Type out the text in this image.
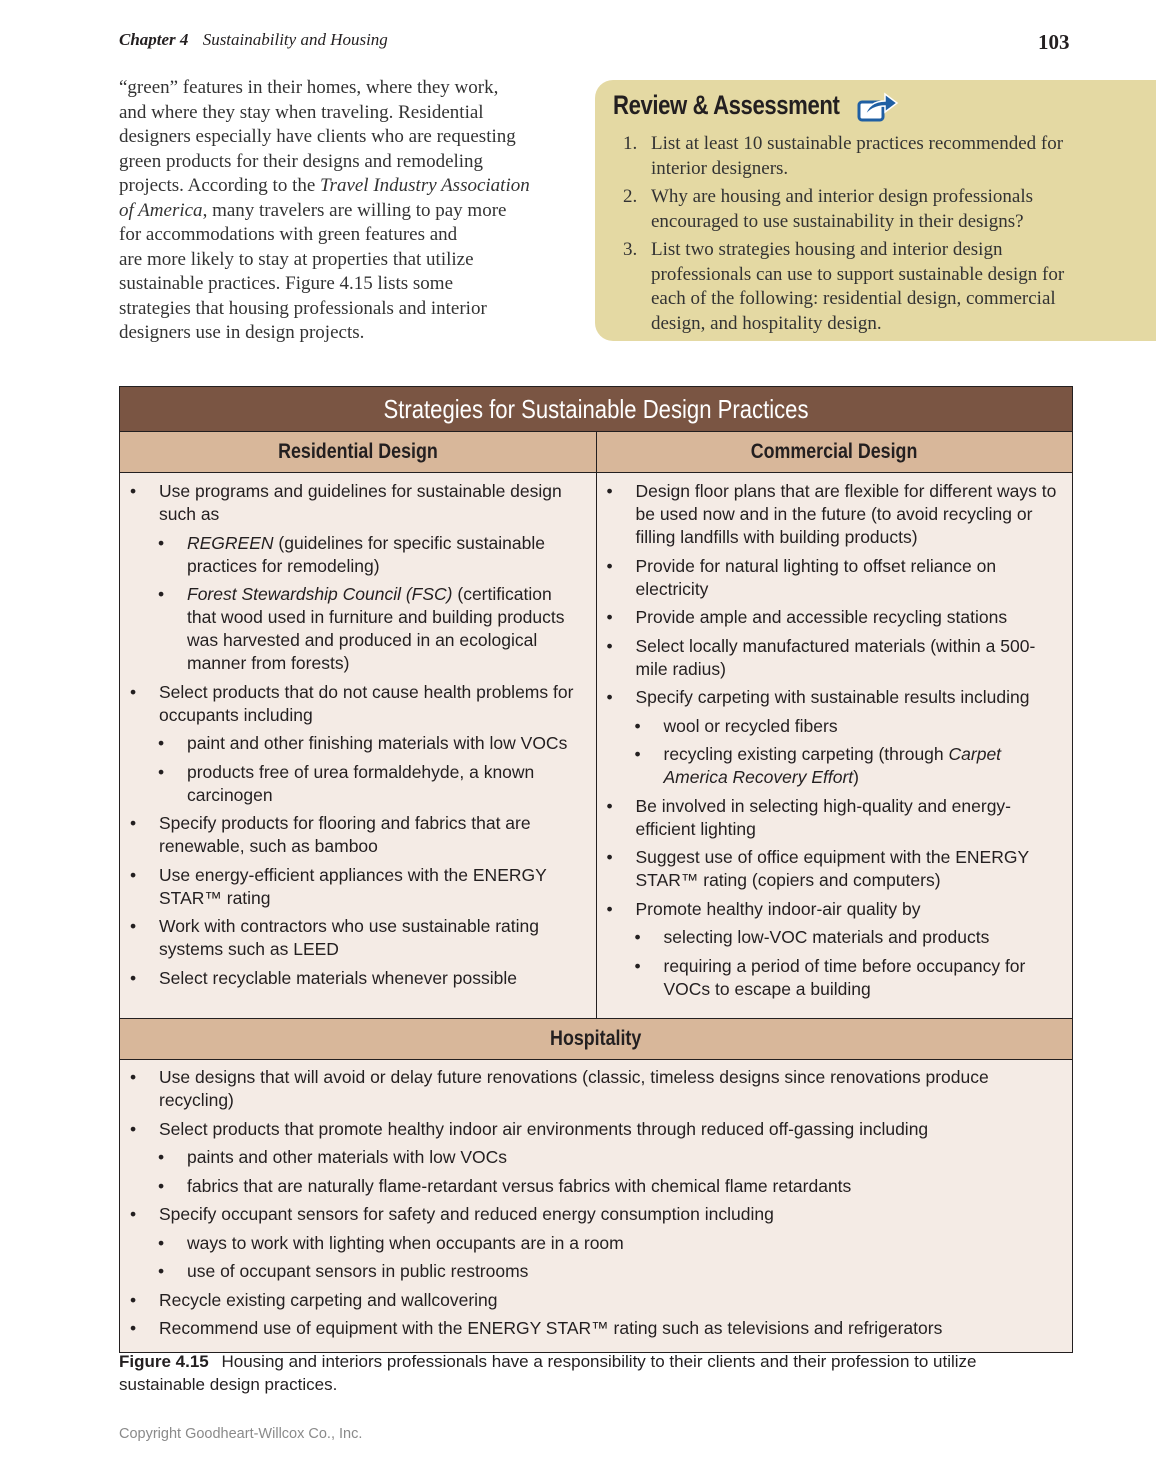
Chapter 4 Sustainability and Housing	103
“green” features in their homes, where they work,
and where they stay when traveling. Residential
designers especially have clients who are requesting
green products for their designs and remodeling
projects. According to the Travel Industry Association
of America, many travelers are willing to pay more
for accommodations with green features and
are more likely to stay at properties that utilize
sustainable practices. Figure 4.15 lists some
strategies that housing professionals and interior
designers use in design projects.
Review & Assessment
1. List at least 10 sustainable practices recommended for interior designers.
2. Why are housing and interior design professionals encouraged to use sustainability in their designs?
3. List two strategies housing and interior design professionals can use to support sustainable design for each of the following: residential design, commercial design, and hospitality design.
Strategies for Sustainable Design Practices
Residential Design	Commercial Design
• Use programs and guidelines for sustainable design such as
• REGREEN (guidelines for specific sustainable practices for remodeling)
• Forest Stewardship Council (FSC) (certification that wood used in furniture and building products was harvested and produced in an ecological manner from forests)
• Select products that do not cause health problems for occupants including
• paint and other finishing materials with low VOCs
• products free of urea formaldehyde, a known carcinogen
• Specify products for flooring and fabrics that are renewable, such as bamboo
• Use energy-efficient appliances with the ENERGY STAR™ rating
• Work with contractors who use sustainable rating systems such as LEED
• Select recyclable materials whenever possible
• Design floor plans that are flexible for different ways to be used now and in the future (to avoid recycling or filling landfills with building products)
• Provide for natural lighting to offset reliance on electricity
• Provide ample and accessible recycling stations
• Select locally manufactured materials (within a 500-mile radius)
• Specify carpeting with sustainable results including
• wool or recycled fibers
• recycling existing carpeting (through Carpet America Recovery Effort)
• Be involved in selecting high-quality and energy-efficient lighting
• Suggest use of office equipment with the ENERGY STAR™ rating (copiers and computers)
• Promote healthy indoor-air quality by
• selecting low-VOC materials and products
• requiring a period of time before occupancy for VOCs to escape a building
Hospitality
• Use designs that will avoid or delay future renovations (classic, timeless designs since renovations produce recycling)
• Select products that promote healthy indoor air environments through reduced off-gassing including
• paints and other materials with low VOCs
• fabrics that are naturally flame-retardant versus fabrics with chemical flame retardants
• Specify occupant sensors for safety and reduced energy consumption including
• ways to work with lighting when occupants are in a room
• use of occupant sensors in public restrooms
• Recycle existing carpeting and wallcovering
• Recommend use of equipment with the ENERGY STAR™ rating such as televisions and refrigerators
Figure 4.15 Housing and interiors professionals have a responsibility to their clients and their profession to utilize sustainable design practices.
Copyright Goodheart-Willcox Co., Inc.
